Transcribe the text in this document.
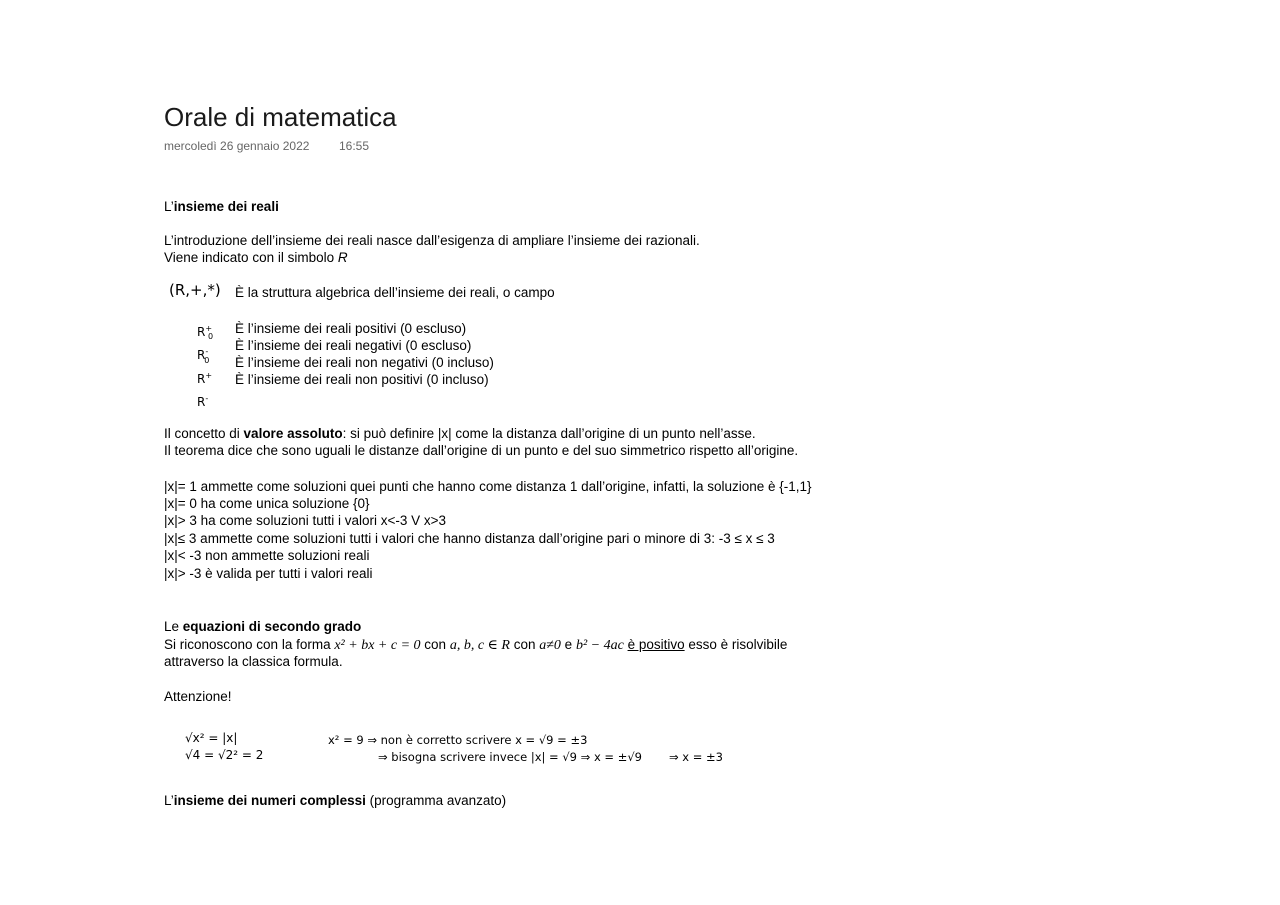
Orale di matematica
mercoledì 26 gennaio 2022 16:55
L’insieme dei reali
L’introduzione dell’insieme dei reali nasce dall’esigenza di ampliare l’insieme dei razionali.
Viene indicato con il simbolo R
(R,+,*) È la struttura algebrica dell’insieme dei reali, o campo
$R^+_0$
$R^-_0$
R+
R-
È l’insieme dei reali positivi (0 escluso)
È l’insieme dei reali negativi (0 escluso)
È l’insieme dei reali non negativi (0 incluso)
È l’insieme dei reali non positivi (0 incluso)
Il concetto di valore assoluto: si può definire |x| come la distanza dall’origine di un punto nell’asse.
Il teorema dice che sono uguali le distanze dall’origine di un punto e del suo simmetrico rispetto all’origine.
|x|= 1 ammette come soluzioni quei punti che hanno come distanza 1 dall’origine, infatti, la soluzione è {-1,1}
|x|= 0 ha come unica soluzione {0}
|x|> 3 ha come soluzioni tutti i valori x<-3 V x>3
|x|≤ 3 ammette come soluzioni tutti i valori che hanno distanza dall’origine pari o minore di 3: -3 ≤ x ≤ 3
|x|< -3 non ammette soluzioni reali
|x|> -3 è valida per tutti i valori reali
Le equazioni di secondo grado
Si riconoscono con la forma x² + bx + c = 0 con a, b, c ∈ R con a≠0 e b² − 4ac è positivo esso è risolvibile
attraverso la classica formula.
Attenzione!
√x² = |x|
√4 = √2² = 2
x² = 9 ⇒ non è corretto scrivere x = √9 = ±3
⇒ bisogna scrivere invece |x| = √9 ⇒ x = ±√9 ⇒ x = ±3
L’insieme dei numeri complessi (programma avanzato)
